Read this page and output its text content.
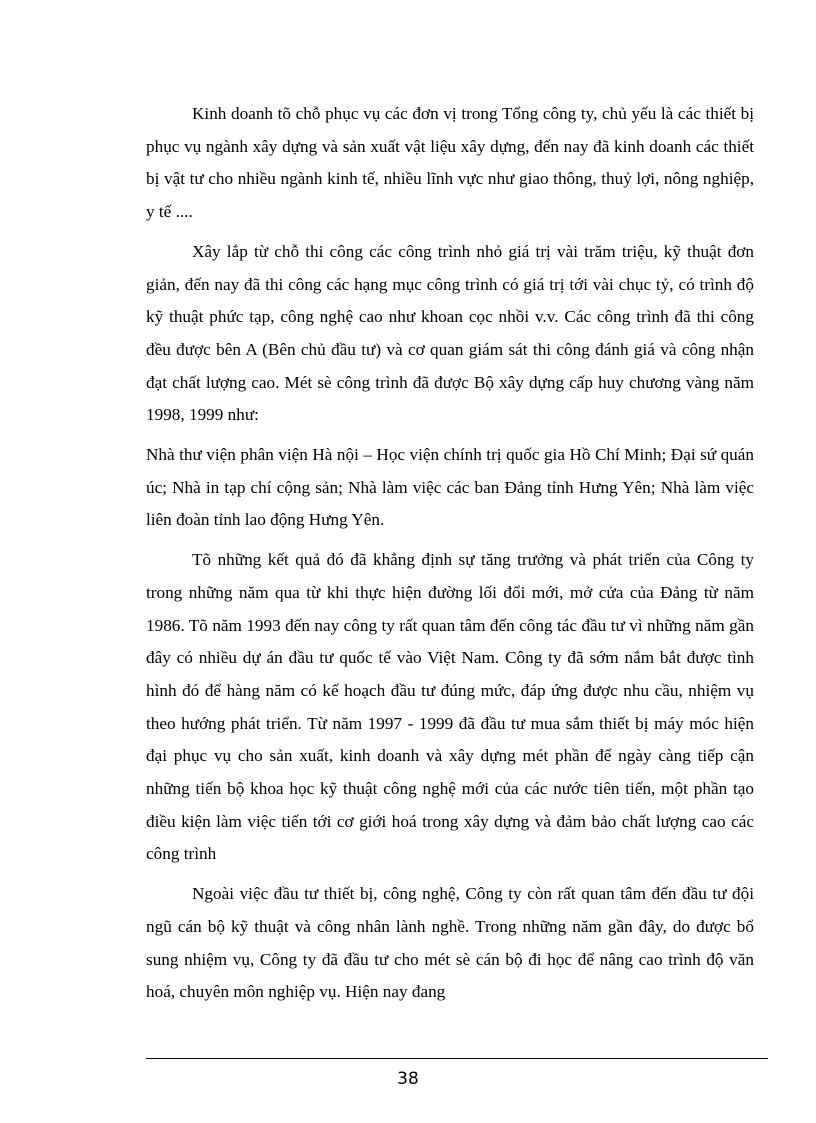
Kinh doanh tõ chỗ phục vụ các đơn vị trong Tổng công ty, chủ yếu là các thiết bị phục vụ ngành xây dựng và sản xuất vật liệu xây dựng, đến nay đã kinh doanh các thiết bị vật tư cho nhiều ngành kinh tế, nhiều lĩnh vực như giao thông, thuỷ lợi, nông nghiệp, y tế ....

Xây lắp từ chỗ thi công các công trình nhỏ giá trị vài trăm triệu, kỹ thuật đơn giản, đến nay đã thi công các hạng mục công trình có giá trị tới vài chục tỷ, có trình độ kỹ thuật phức tạp, công nghệ cao như khoan cọc nhồi v.v. Các công trình đã thi công đều được bên A (Bên chủ đầu tư) và cơ quan giám sát thi công đánh giá và công nhận đạt chất lượng cao. Mét sè công trình đã được Bộ xây dựng cấp huy chương vàng năm 1998, 1999 như:

Nhà thư viện phân viện Hà nội – Học viện chính trị quốc gia Hồ Chí Minh; Đại sứ quán úc; Nhà in tạp chí cộng sản; Nhà làm việc các ban Đảng tỉnh Hưng Yên; Nhà làm việc liên đoàn tỉnh lao động Hưng Yên.

Tõ những kết quả đó đã khẳng định sự tăng trưởng và phát triển của Công ty trong những năm qua từ khi thực hiện đường lối đổi mới, mở cửa của Đảng từ năm 1986. Tõ năm 1993 đến nay công ty rất quan tâm đến công tác đầu tư vì những năm gần đây có nhiều dự án đầu tư quốc tế vào Việt Nam. Công ty đã sớm nắm bắt được tình hình đó để hàng năm có kế hoạch đầu tư đúng mức, đáp ứng được nhu cầu, nhiệm vụ theo hướng phát triển. Từ năm 1997 - 1999 đã đầu tư mua sắm thiết bị máy móc hiện đại phục vụ cho sản xuất, kinh doanh và xây dựng mét phần để ngày càng tiếp cận những tiến bộ khoa học kỹ thuật công nghệ mới của các nước tiên tiến, một phần tạo điều kiện làm việc tiến tới cơ giới hoá trong xây dựng và đảm bảo chất lượng cao các công trình

Ngoài việc đầu tư thiết bị, công nghệ, Công ty còn rất quan tâm đến đầu tư đội ngũ cán bộ kỹ thuật và công nhân lành nghề. Trong những năm gần đây, do được bổ sung nhiệm vụ, Công ty đã đầu tư cho mét sè cán bộ đi học để nâng cao trình độ văn hoá, chuyên môn nghiệp vụ. Hiện nay đang

38
